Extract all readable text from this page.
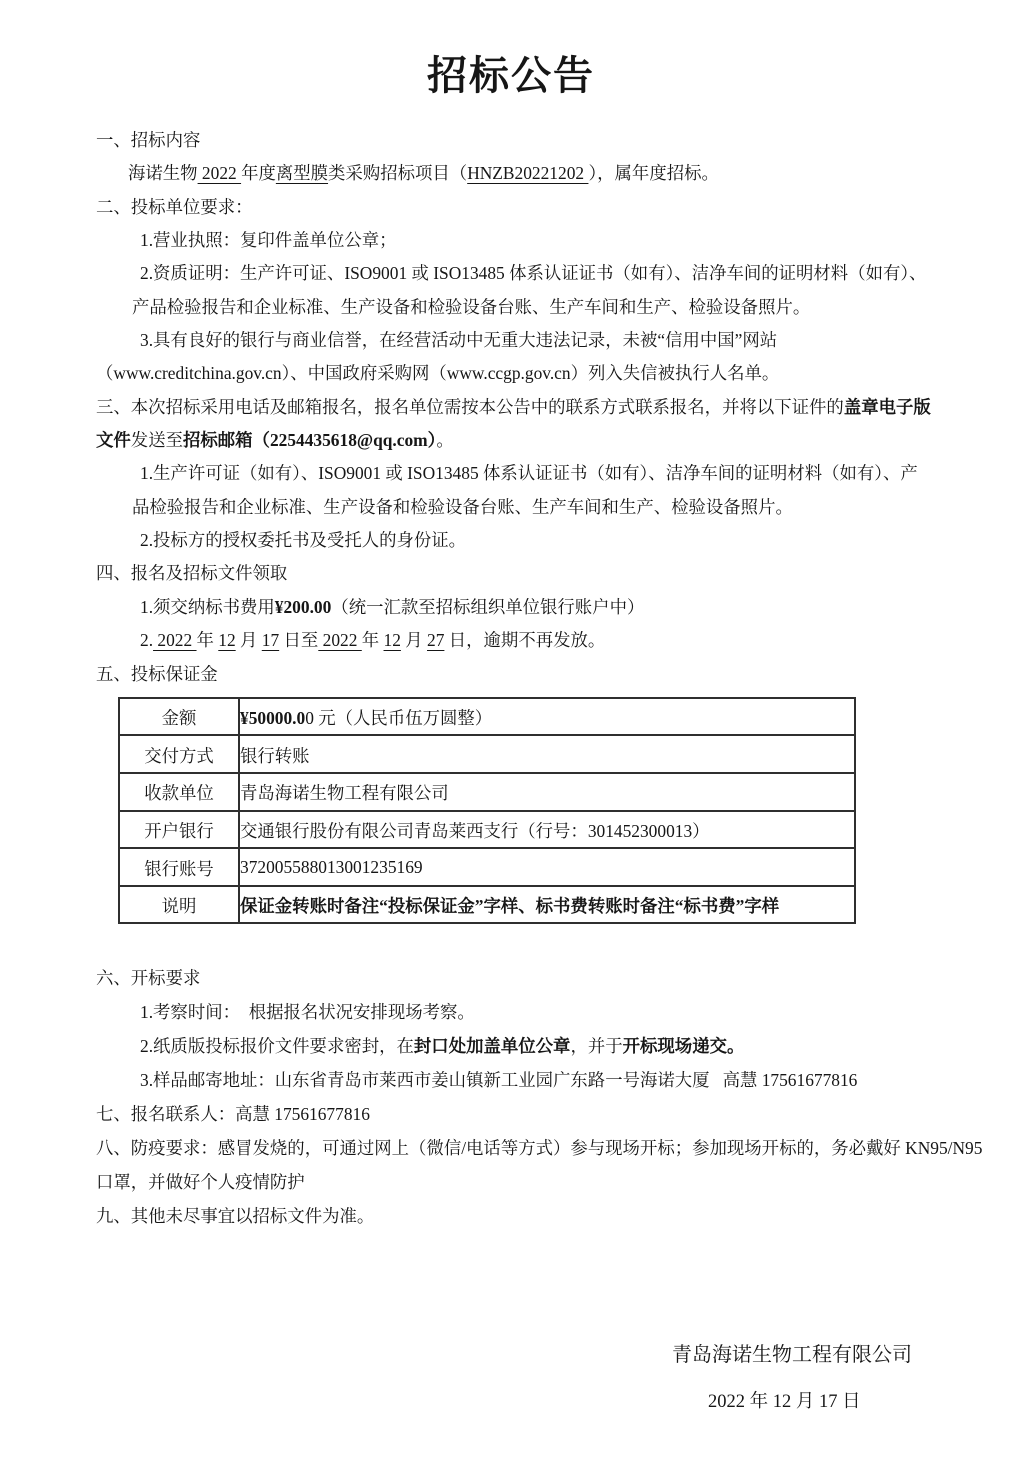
招标公告
一、招标内容
海诺生物 2022 年度离型膜类采购招标项目（HNZB20221202 ），属年度招标。
二、投标单位要求：
1.营业执照：复印件盖单位公章；
2.资质证明：生产许可证、ISO9001 或 ISO13485 体系认证证书（如有）、洁净车间的证明材料（如有）、
产品检验报告和企业标准、生产设备和检验设备台账、生产车间和生产、检验设备照片。
3.具有良好的银行与商业信誉，在经营活动中无重大违法记录，未被“信用中国”网站
（www.creditchina.gov.cn）、中国政府采购网（www.ccgp.gov.cn）列入失信被执行人名单。
三、本次招标采用电话及邮箱报名，报名单位需按本公告中的联系方式联系报名，并将以下证件的盖章电子版
文件发送至招标邮箱（2254435618@qq.com）。
1.生产许可证（如有）、ISO9001 或 ISO13485 体系认证证书（如有）、洁净车间的证明材料（如有）、产
品检验报告和企业标准、生产设备和检验设备台账、生产车间和生产、检验设备照片。
2.投标方的授权委托书及受托人的身份证。
四、报名及招标文件领取
1.须交纳标书费用¥200.00（统一汇款至招标组织单位银行账户中）
2. 2022 年 12 月 17 日至 2022 年 12 月 27 日，逾期不再发放。
五、投标保证金
金额	¥50000.00 元（人民币伍万圆整）
交付方式	银行转账
收款单位	青岛海诺生物工程有限公司
开户银行	交通银行股份有限公司青岛莱西支行（行号：301452300013）
银行账号	372005588013001235169
说明	保证金转账时备注“投标保证金”字样、标书费转账时备注“标书费”字样
六、开标要求
1.考察时间：  根据报名状况安排现场考察。
2.纸质版投标报价文件要求密封，在封口处加盖单位公章，并于开标现场递交。
3.样品邮寄地址：山东省青岛市莱西市姜山镇新工业园广东路一号海诺大厦   高慧 17561677816
七、报名联系人：高慧 17561677816
八、防疫要求：感冒发烧的，可通过网上（微信/电话等方式）参与现场开标；参加现场开标的，务必戴好 KN95/N95
口罩，并做好个人疫情防护
九、其他未尽事宜以招标文件为准。
青岛海诺生物工程有限公司
2022 年 12 月 17 日
